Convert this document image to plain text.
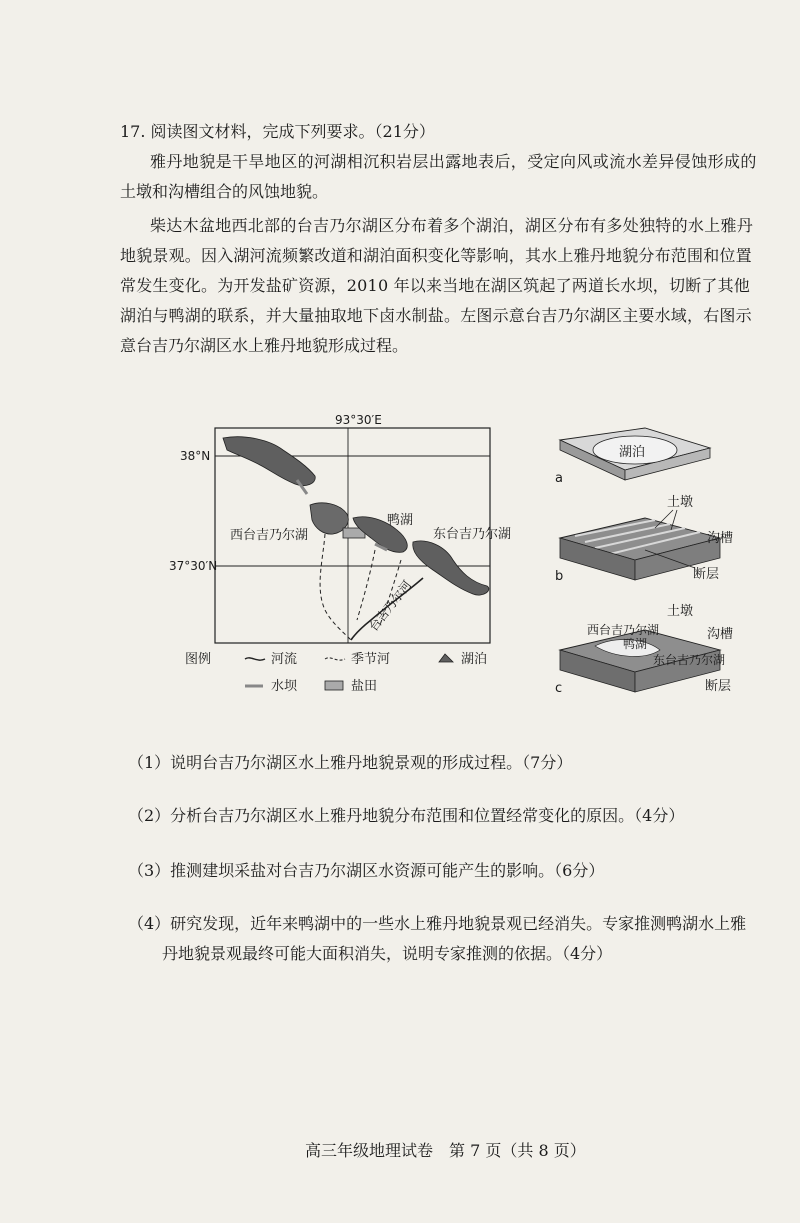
17. 阅读图文材料，完成下列要求。（21分）
雅丹地貌是干旱地区的河湖相沉积岩层出露地表后，受定向风或流水差异侵蚀形成的
土墩和沟槽组合的风蚀地貌。
柴达木盆地西北部的台吉乃尔湖区分布着多个湖泊，湖区分布有多处独特的水上雅丹
地貌景观。因入湖河流频繁改道和湖泊面积变化等影响，其水上雅丹地貌分布范围和位置
常发生变化。为开发盐矿资源，2010 年以来当地在湖区筑起了两道长水坝，切断了其他
湖泊与鸭湖的联系，并大量抽取地下卤水制盐。左图示意台吉乃尔湖区主要水域，右图示
意台吉乃尔湖区水上雅丹地貌形成过程。
93°30′E
38°N
37°30′N
西台吉乃尔湖
鸭湖
东台吉乃尔湖
台吉乃尔河
图例	河流	季节河	湖泊
水坝	盐田
湖泊
a
土墩
沟槽
断层
b
土墩
西台吉乃尔湖
鸭湖
东台吉乃尔湖
沟槽
断层
c
（1）说明台吉乃尔湖区水上雅丹地貌景观的形成过程。（7分）
（2）分析台吉乃尔湖区水上雅丹地貌分布范围和位置经常变化的原因。（4分）
（3）推测建坝采盐对台吉乃尔湖区水资源可能产生的影响。（6分）
（4）研究发现，近年来鸭湖中的一些水上雅丹地貌景观已经消失。专家推测鸭湖水上雅
丹地貌景观最终可能大面积消失，说明专家推测的依据。（4分）
高三年级地理试卷　第 7 页（共 8 页）
